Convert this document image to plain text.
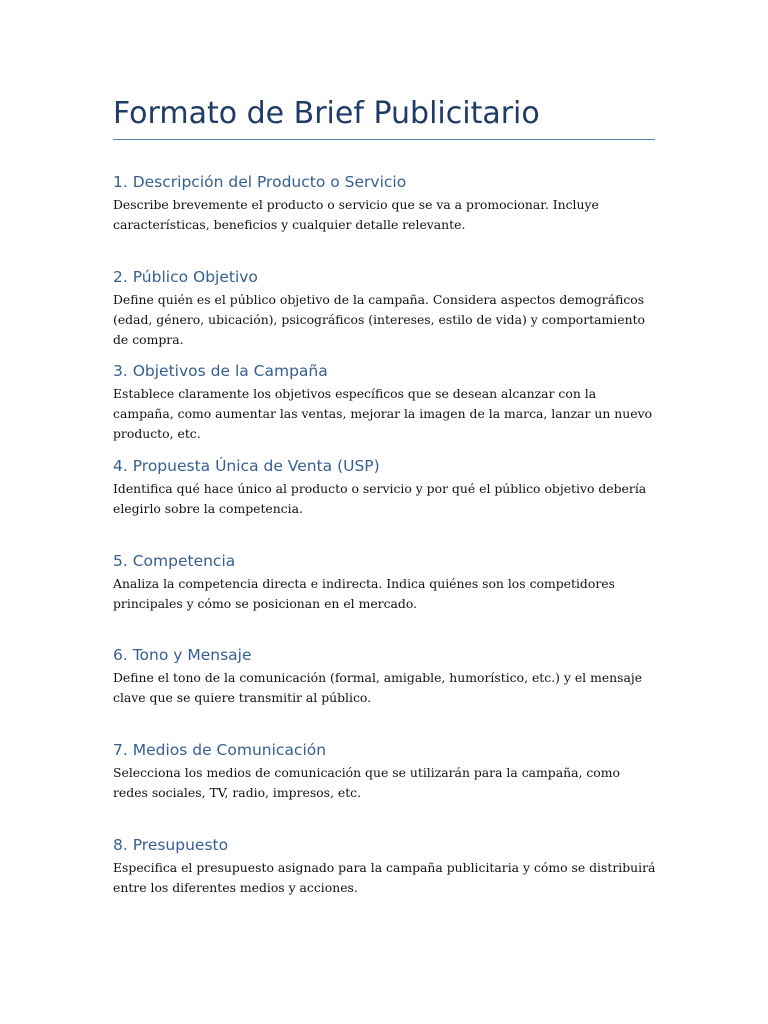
Formato de Brief Publicitario
1. Descripción del Producto o Servicio

Describe brevemente el producto o servicio que se va a promocionar. Incluye características, beneficios y cualquier detalle relevante.

2. Público Objetivo

Define quién es el público objetivo de la campaña. Considera aspectos demográficos (edad, género, ubicación), psicográficos (intereses, estilo de vida) y comportamiento de compra.

3. Objetivos de la Campaña

Establece claramente los objetivos específicos que se desean alcanzar con la campaña, como aumentar las ventas, mejorar la imagen de la marca, lanzar un nuevo producto, etc.

4. Propuesta Única de Venta (USP)

Identifica qué hace único al producto o servicio y por qué el público objetivo debería elegirlo sobre la competencia.

5. Competencia

Analiza la competencia directa e indirecta. Indica quiénes son los competidores principales y cómo se posicionan en el mercado.

6. Tono y Mensaje

Define el tono de la comunicación (formal, amigable, humorístico, etc.) y el mensaje clave que se quiere transmitir al público.

7. Medios de Comunicación

Selecciona los medios de comunicación que se utilizarán para la campaña, como redes sociales, TV, radio, impresos, etc.

8. Presupuesto

Especifica el presupuesto asignado para la campaña publicitaria y cómo se distribuirá entre los diferentes medios y acciones.
